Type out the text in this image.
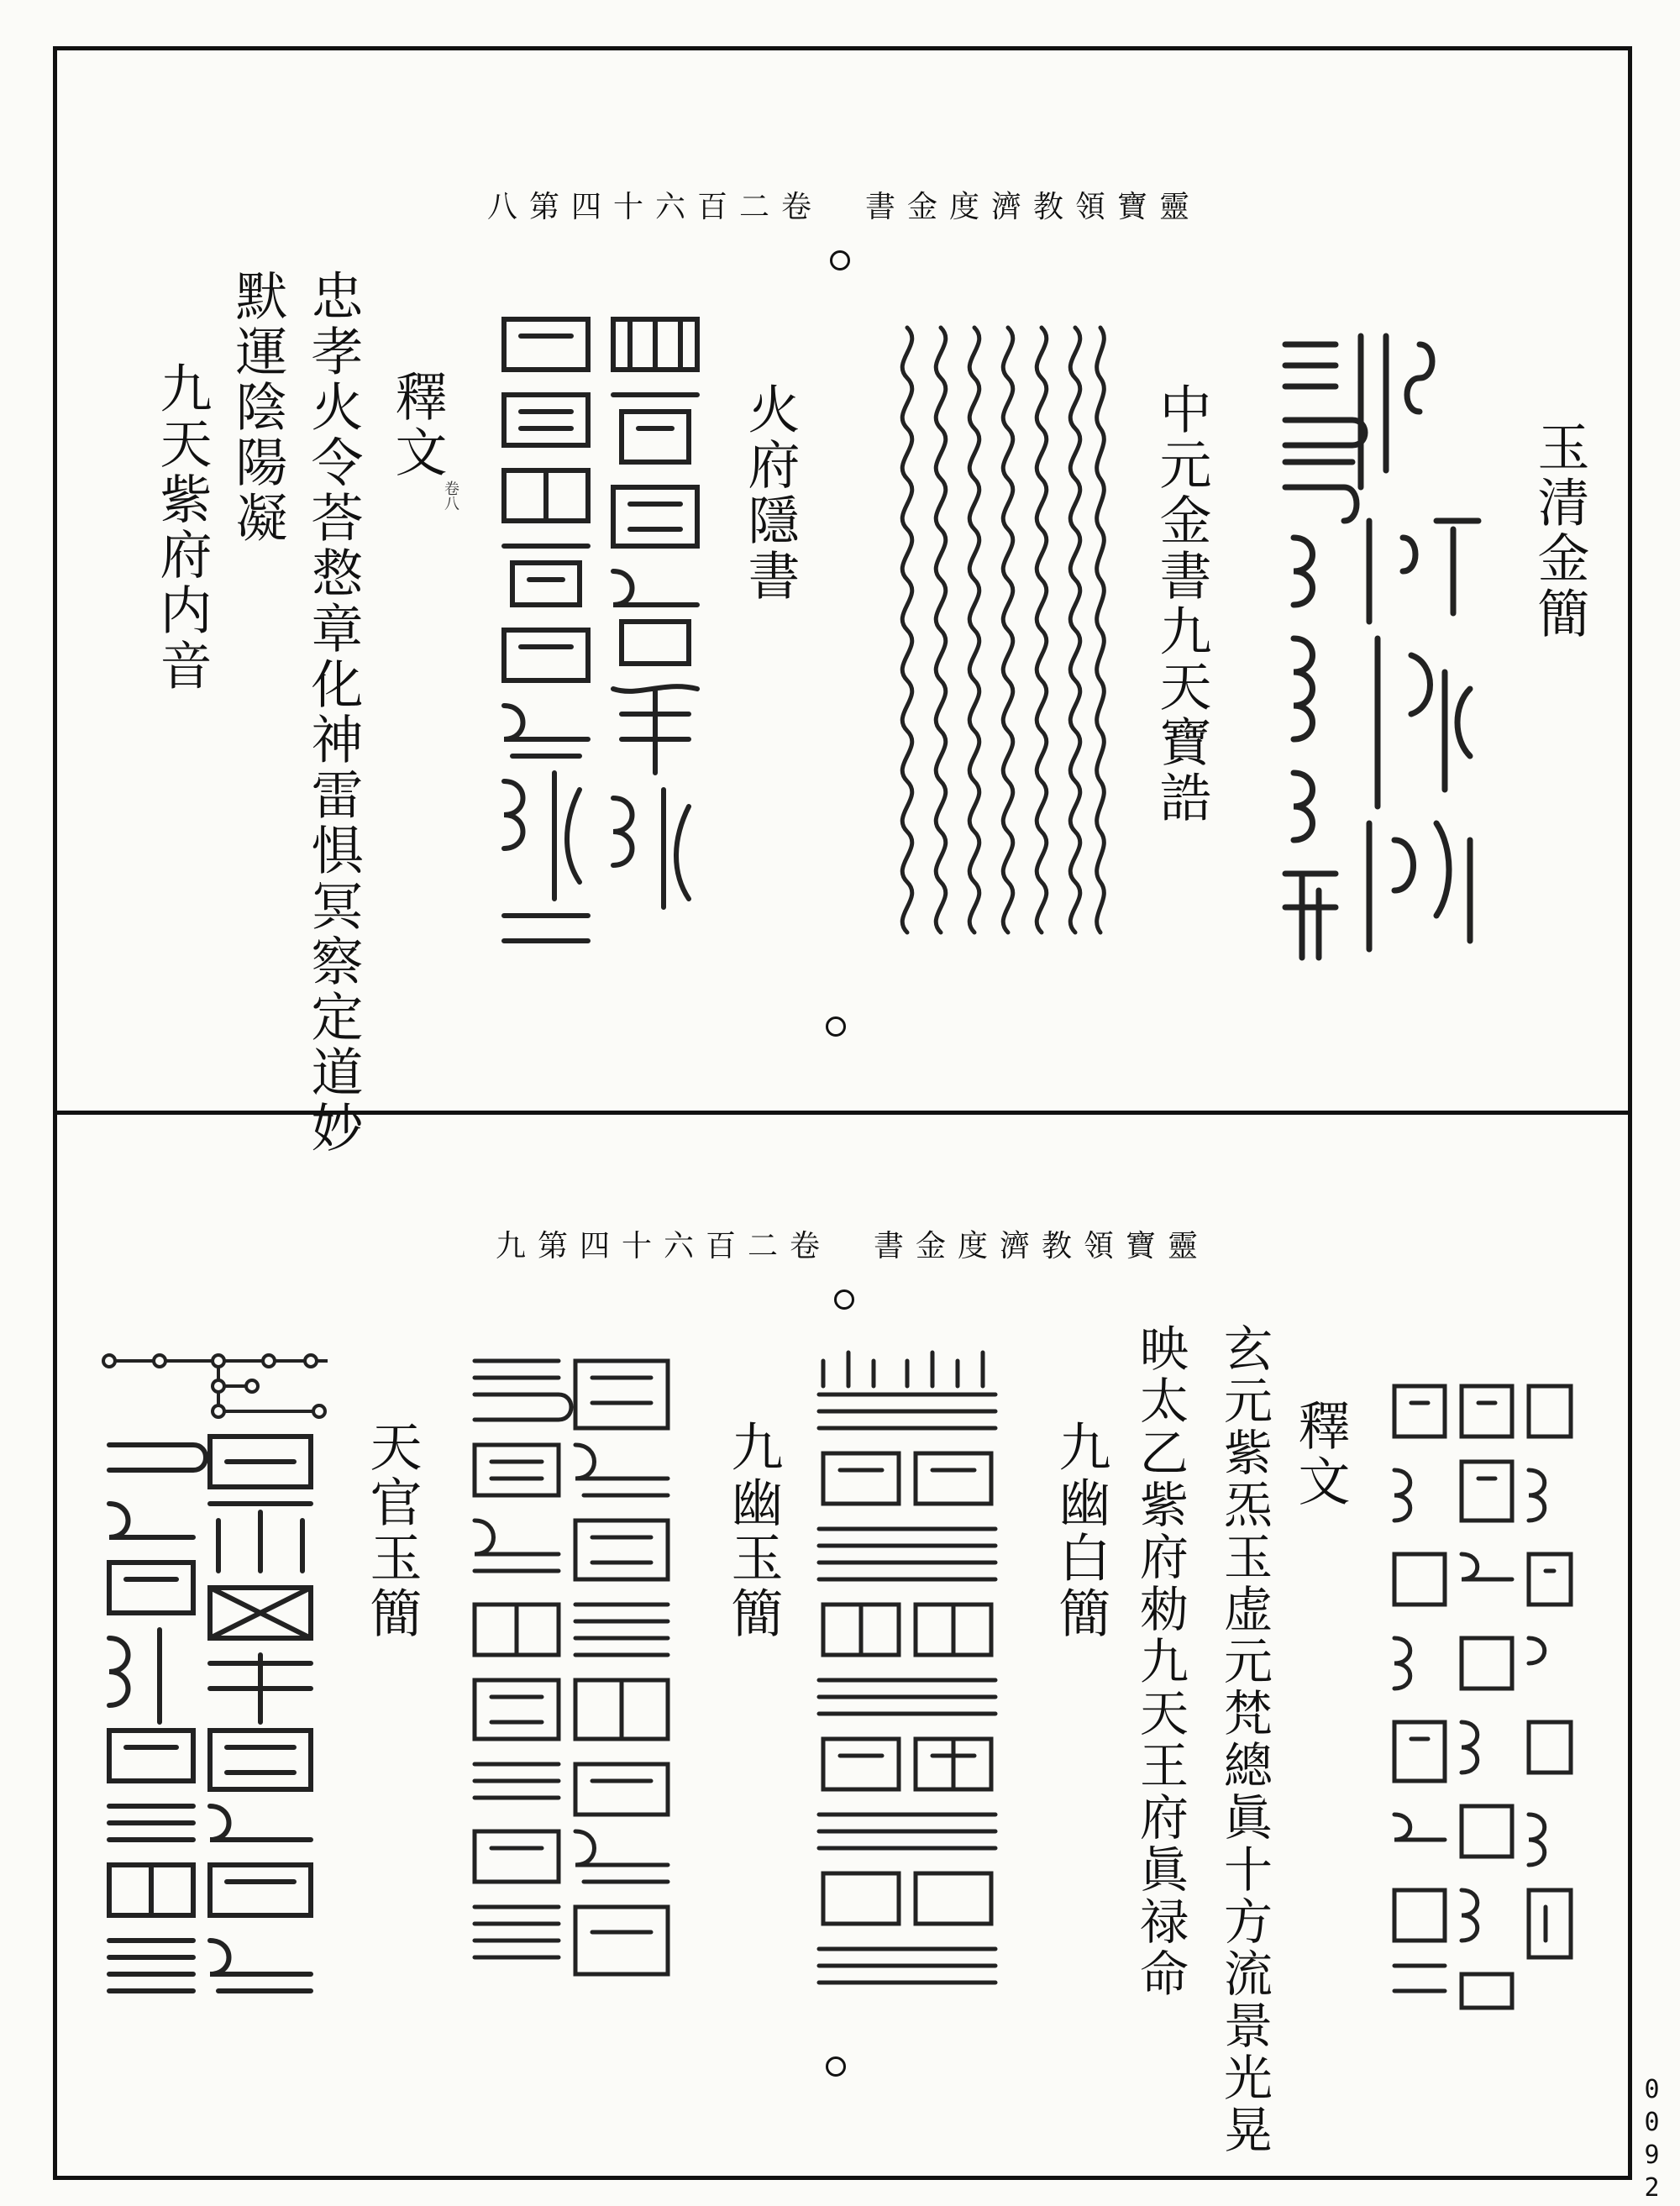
靈寶領教濟度金書　卷二百六十四第八
玉清金簡
中元金書九天寶誥
火府隱書
卷八
釋文
忠孝火令荅慦章化神雷惧冥察定道妙
默運陰陽凝
九天紫府内音
靈寶領教濟度金書　卷二百六十四第九
釋文
玄元紫炁玉虚元梵總眞十方流景光晃
映太乙紫府勑九天王府眞禄命
九幽白簡
九幽玉簡
天官玉簡
0092
